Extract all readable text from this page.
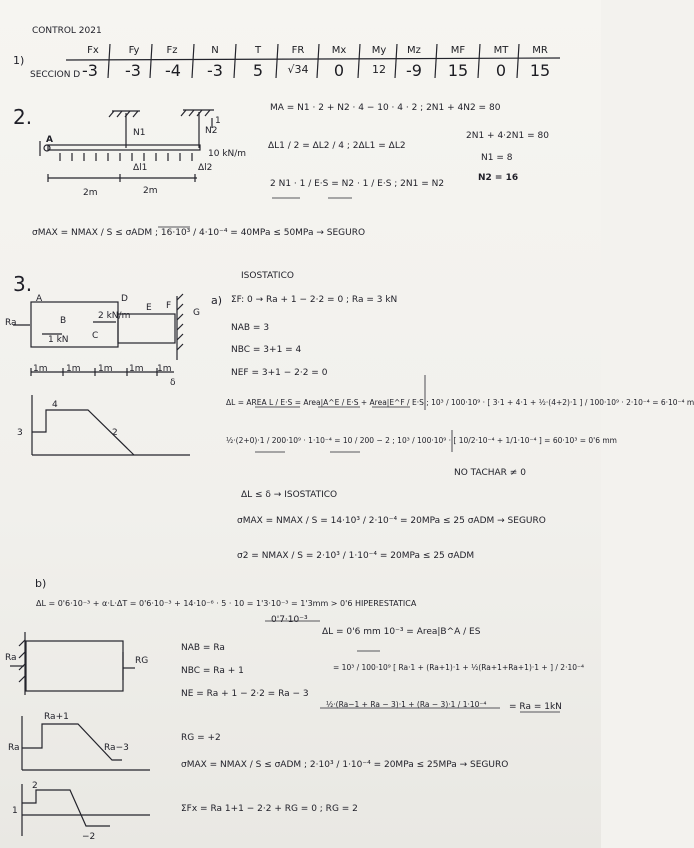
CONTROL 2021
1)
SECCION D
Fx	Fy	Fz	N	T	FR	Mx	My	Mz	MF	MT	MR
-3	-3	-4	-3	5	√34	0	12	-9	15	0	15
2.
A
N1	N2
1
10 kN/m
Δl1	Δl2
2m	2m
MA = N1 · 2 + N2 · 4 − 10 · 4 · 2 ; 2N1 + 4N2 = 80
ΔL1 / 2 = ΔL2 / 4 ; 2ΔL1 = ΔL2
2 N1 · 1 / E·S = N2 · 1 / E·S ; 2N1 = N2
2N1 + 4·2N1 = 80
N1 = 8
N2 = 16
σMAX = NMAX / S ≤ σADM ; 16·10³ / 4·10⁻⁴ = 40MPa ≤ 50MPa → SEGURO
3.
A	D
E F
G
B
C
Ra
2 kN/m
1 kN
1m 1m 1m 1m 1m
δ
4
3	2
ISOSTATICO
a) ΣF: 0 → Ra + 1 − 2·2 = 0 ; Ra = 3 kN
NAB = 3
NBC = 3+1 = 4
NEF = 3+1 − 2·2 = 0
ΔL = AREA L / E·S = Area|A^E / E·S + Area|E^F / E·S ; 10³ / 100·10⁹ · [ 3·1 + 4·1 + ½·(4+2)·1 ] / 100·10⁹ · 2·10⁻⁴ = 6·10⁻⁴ m
½·(2+0)·1 / 200·10⁹ · 1·10⁻⁴ = 10 / 200 − 2 ; 10³ / 100·10⁹ · [ 10/2·10⁻⁴ + 1/1·10⁻⁴ ] = 60·10³ = 0'6 mm
NO TACHAR ≠ 0
ΔL ≤ δ → ISOSTATICO
σMAX = NMAX / S = 14·10³ / 2·10⁻⁴ = 20MPa ≤ 25 σADM → SEGURO
σ2 = NMAX / S = 2·10³ / 1·10⁻⁴ = 20MPa ≤ 25 σADM
b)
ΔL = 0'6·10⁻³ + α·L·ΔT = 0'6·10⁻³ + 14·10⁻⁶ · 5 · 10 = 1'3·10⁻³ = 1'3mm > 0'6 HIPERESTATICA
0'7·10⁻³
NAB = Ra
NBC = Ra + 1
NE = Ra + 1 − 2·2 = Ra − 3
ΔL = 0'6 mm 10⁻³ = Area|B^A / ES
= 10³ / 100·10⁹ [ Ra·1 + (Ra+1)·1 + ½(Ra+1+Ra+1)·1 + ] / 2·10⁻⁴
½·(Ra−1 + Ra − 3)·1 + (Ra − 3)·1 / 1·10⁻⁴	= Ra = 1kN
RG = +2
σMAX = NMAX / S ≤ σADM ; 2·10³ / 1·10⁻⁴ = 20MPa ≤ 25MPa → SEGURO
ΣFx = Ra 1+1 − 2·2 + RG = 0 ; RG = 2
Ra	RG
Ra+1
Ra	Ra−3
2
1
−2
